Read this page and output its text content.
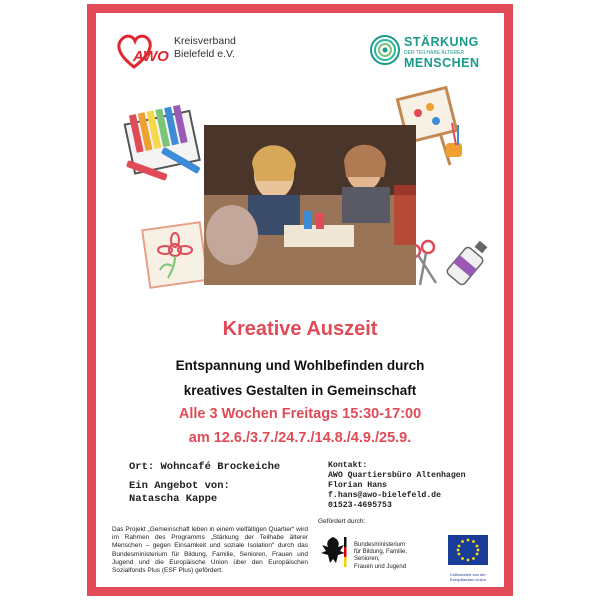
AWO
Kreisverband
Bielefeld e.V.
STÄRKUNG
DER TEILHABE ÄLTERER
MENSCHEN
Kreative Auszeit
Entspannung und Wohlbefinden durch
kreatives Gestalten in Gemeinschaft
Alle 3 Wochen Freitags 15:30-17:00
am 12.6./3.7./24.7./14.8./4.9./25.9.
Ort: Wohncafé Brockeiche
Ein Angebot von:
Natascha Kappe
Kontakt:
AWO Quartiersbüro Altenhagen
Florian Hans
f.hans@awo-bielefeld.de
01523-4695753
Das Projekt „Gemeinschaft leben in einem vielfältigen Quartier“ wird im Rahmen des Programms „Stärkung der Teilhabe älterer Menschen – gegen Einsamkeit und soziale Isolation“ durch das Bundesministerium für Bildung, Familie, Senioren, Frauen und Jugend und die Europäische Union über den Europäischen Sozialfonds Plus (ESF Plus) gefördert.
Gefördert durch:
Bundesministerium
für Bildung, Familie, Senioren,
Frauen und Jugend
Kofinanziert von der Europäischen Union
